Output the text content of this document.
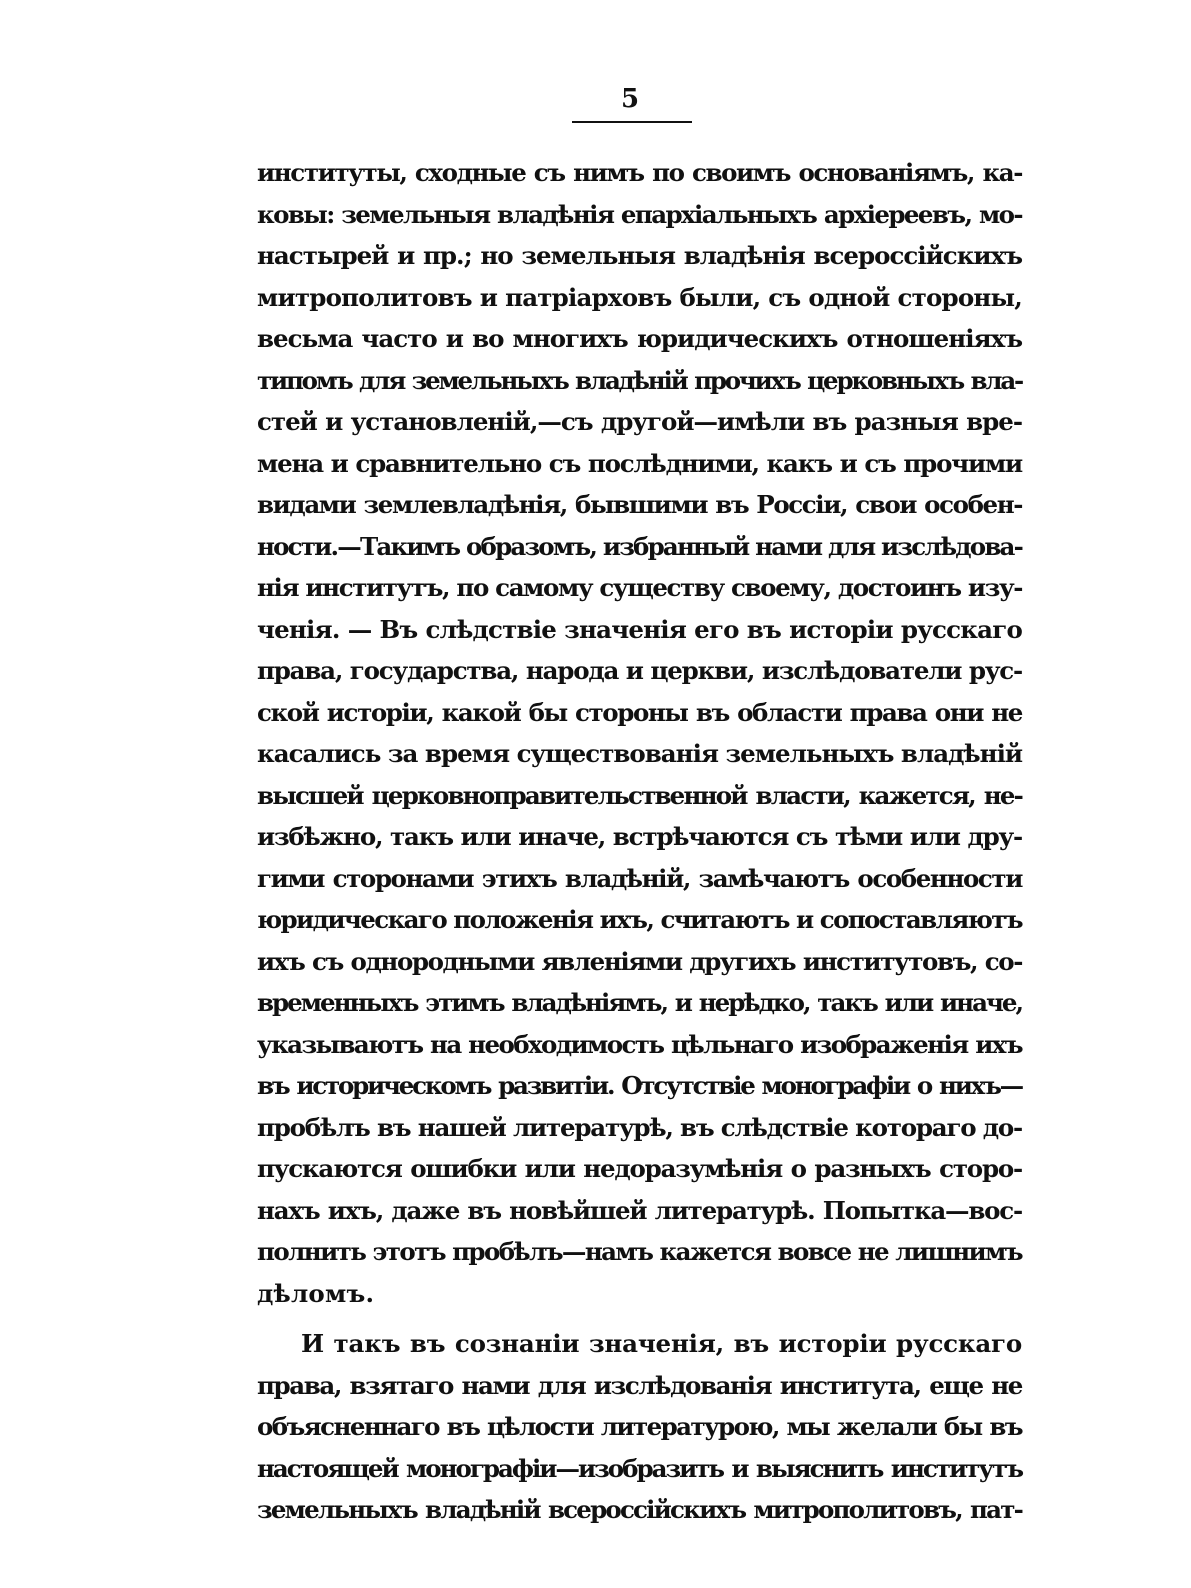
5
институты, сходные съ нимъ по своимъ основаніямъ, ка-
ковы: земельныя владѣнія епархіальныхъ архіереевъ, мо-
настырей и пр.; но земельныя владѣнія всероссійскихъ
митрополитовъ и патріарховъ были, съ одной стороны,
весьма часто и во многихъ юридическихъ отношеніяхъ
типомъ для земельныхъ владѣній прочихъ церковныхъ вла-
стей и установленій,—съ другой—имѣли въ разныя вре-
мена и сравнительно съ послѣдними, какъ и съ прочими
видами землевладѣнія, бывшими въ Россіи, свои особен-
ности.—Такимъ образомъ, избранный нами для изслѣдова-
нія институтъ, по самому существу своему, достоинъ изу-
ченія. — Въ слѣдствіе значенія его въ исторіи русскаго
права, государства, народа и церкви, изслѣдователи рус-
ской исторіи, какой бы стороны въ области права они не
касались за время существованія земельныхъ владѣній
высшей церковноправительственной власти, кажется, не-
избѣжно, такъ или иначе, встрѣчаются съ тѣми или дру-
гими сторонами этихъ владѣній, замѣчаютъ особенности
юридическаго положенія ихъ, считаютъ и сопоставляютъ
ихъ съ однородными явленіями другихъ институтовъ, со-
временныхъ этимъ владѣніямъ, и нерѣдко, такъ или иначе,
указываютъ на необходимость цѣльнаго изображенія ихъ
въ историческомъ развитіи. Отсутствіе монографіи о нихъ—
пробѣлъ въ нашей литературѣ, въ слѣдствіе котораго до-
пускаются ошибки или недоразумѣнія о разныхъ сторо-
нахъ ихъ, даже въ новѣйшей литературѣ. Попытка—вос-
полнить этотъ пробѣлъ—намъ кажется вовсе не лишнимъ
дѣломъ.
И такъ въ сознаніи значенія, въ исторіи русскаго
права, взятаго нами для изслѣдованія института, еще не
объясненнаго въ цѣлости литературою, мы желали бы въ
настоящей монографіи—изобразить и выяснить институтъ
земельныхъ владѣній всероссійскихъ митрополитовъ, пат-
